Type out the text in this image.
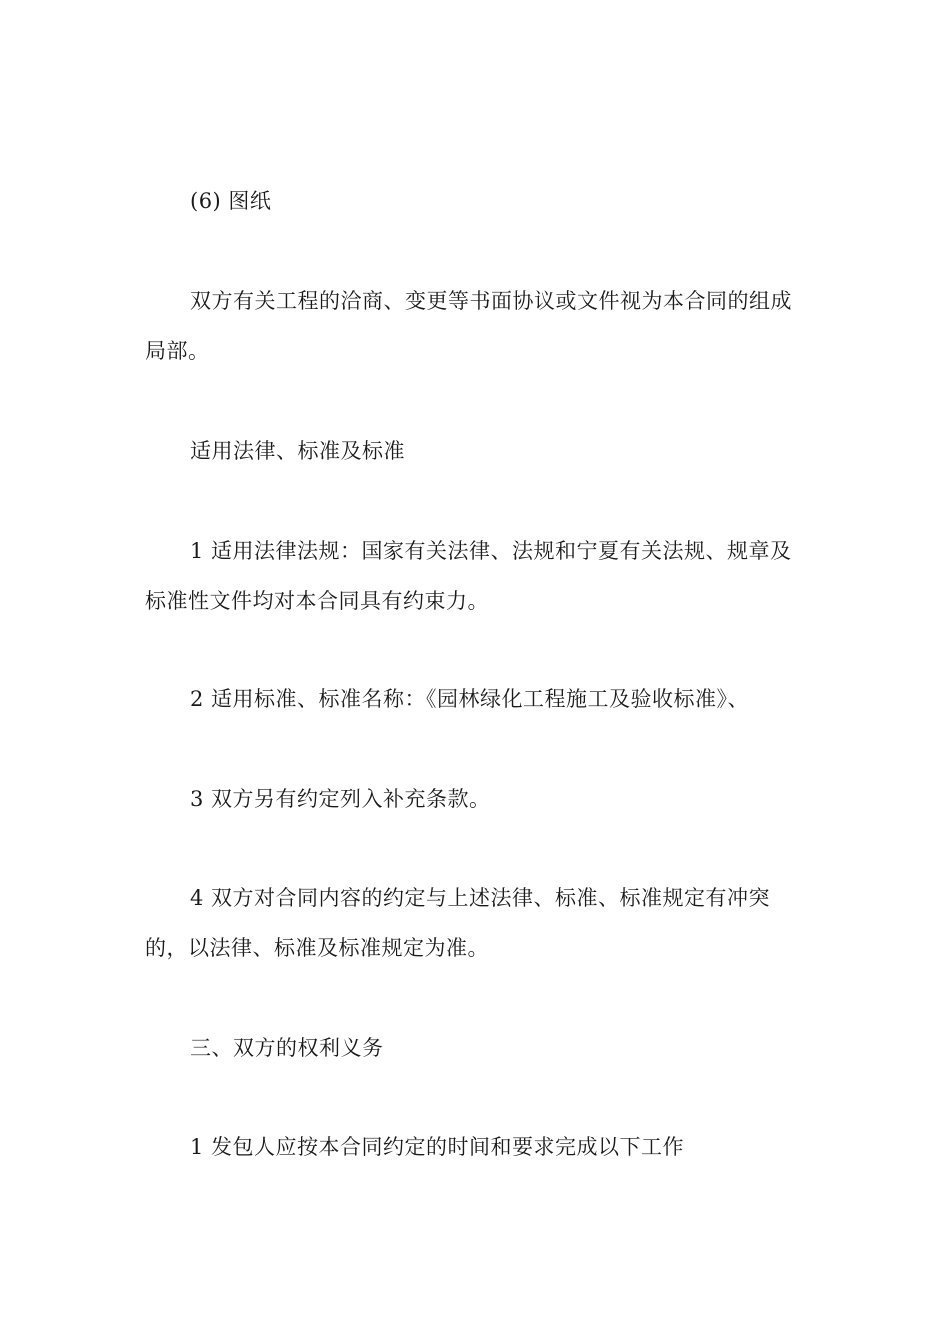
(6) 图纸

双方有关工程的洽商、变更等书面协议或文件视为本合同的组成局部。

适用法律、标准及标准

1 适用法律法规：国家有关法律、法规和宁夏有关法规、规章及标准性文件均对本合同具有约束力。

2 适用标准、标准名称：《园林绿化工程施工及验收标准》、

3 双方另有约定列入补充条款。

4 双方对合同内容的约定与上述法律、标准、标准规定有冲突的，以法律、标准及标准规定为准。

三、双方的权利义务

1 发包人应按本合同约定的时间和要求完成以下工作
